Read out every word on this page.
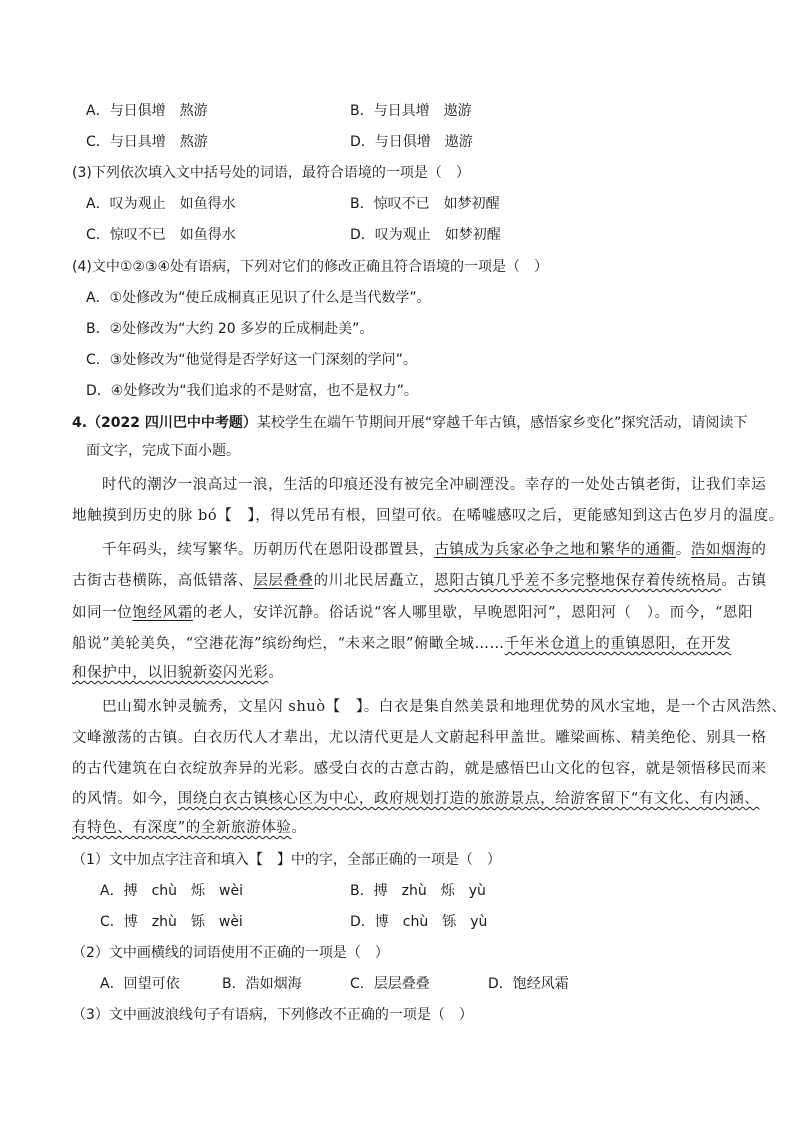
A．与日俱增　熬游	B．与日具增　遨游
C．与日具增　熬游	D．与日俱增　遨游
(3)下列依次填入文中括号处的词语，最符合语境的一项是（　）
A．叹为观止　如鱼得水	B．惊叹不已　如梦初醒
C．惊叹不已　如鱼得水	D．叹为观止　如梦初醒
(4)文中①②③④处有语病，下列对它们的修改正确且符合语境的一项是（　）
A．①处修改为“使丘成桐真正见识了什么是当代数学”。
B．②处修改为“大约 20 多岁的丘成桐赴美”。
C．③处修改为“他觉得是否学好这一门深刻的学问”。
D．④处修改为“我们追求的不是财富，也不是权力”。
4.（2022 四川巴中中考题）某校学生在端午节期间开展“穿越千年古镇，感悟家乡变化”探究活动，请阅读下
面文字，完成下面小题。
时代的潮汐一浪高过一浪，生活的印痕还没有被完全冲刷湮没。幸存的一处处古镇老街，让我们幸运
地触摸到历史的脉 bó【　】，得以凭吊有根，回望可依。在唏嘘感叹之后，更能感知到这古色岁月的温度。
千年码头，续写繁华。历朝历代在恩阳设郡置县，古镇成为兵家必争之地和繁华的通衢。浩如烟海的
古街古巷横陈，高低错落、层层叠叠的川北民居矗立，恩阳古镇几乎差不多完整地保存着传统格局。古镇
如同一位饱经风霜的老人，安详沉静。俗话说“客人哪里歇，早晚恩阳河”，恩阳河（　）。而今，“恩阳
船说”美轮美奂，“空港花海”缤纷绚烂，“未来之眼”俯瞰全城……千年米仓道上的重镇恩阳，在开发
和保护中，以旧貌新姿闪光彩。
巴山蜀水钟灵毓秀，文星闪 shuò【　】。白衣是集自然美景和地理优势的风水宝地，是一个古风浩然、
文峰激荡的古镇。白衣历代人才辈出，尤以清代更是人文蔚起科甲盖世。雕梁画栋、精美绝伦、别具一格
的古代建筑在白衣绽放奔异的光彩。感受白衣的古意古韵，就是感悟巴山文化的包容，就是领悟移民而来
的风情。如今，围绕白衣古镇核心区为中心，政府规划打造的旅游景点，给游客留下“有文化、有内涵、
有特色、有深度”的全新旅游体验。
（1）文中加点字注音和填入【　】中的字，全部正确的一项是（　）
A．搏　chù　烁　wèi	B．搏　zhù　烁　yù
C．博　zhù　铄　wèi	D．博　chù　铄　yù
（2）文中画横线的词语使用不正确的一项是（　）
A．回望可依	B．浩如烟海	C．层层叠叠	D．饱经风霜
（3）文中画波浪线句子有语病，下列修改不正确的一项是（　）
